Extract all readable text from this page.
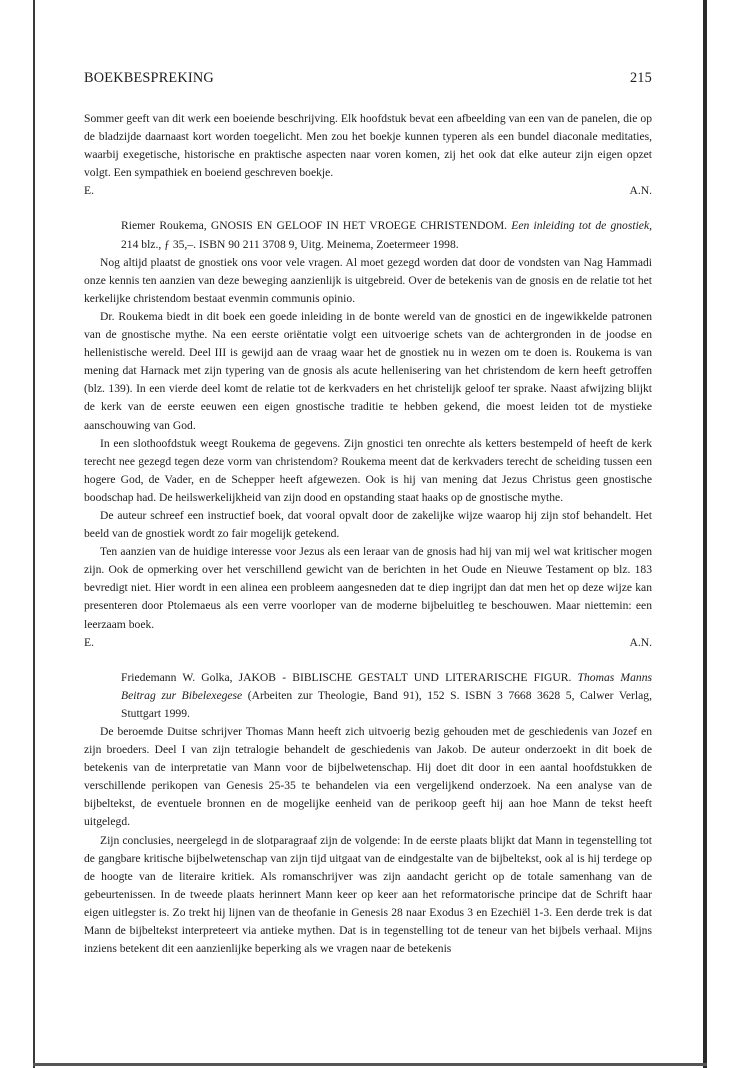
BOEKBESPREKING	215

Sommer geeft van dit werk een boeiende beschrijving. Elk hoofdstuk bevat een afbeelding van een van de panelen, die op de bladzijde daarnaast kort worden toegelicht. Men zou het boekje kunnen typeren als een bundel diaconale meditaties, waarbij exegetische, historische en praktische aspecten naar voren komen, zij het ook dat elke auteur zijn eigen opzet volgt. Een sympathiek en boeiend geschreven boekje.

E.	A.N.

Riemer Roukema, GNOSIS EN GELOOF IN HET VROEGE CHRISTENDOM. Een inleiding tot de gnostiek, 214 blz., ƒ 35,–. ISBN 90 211 3708 9, Uitg. Meinema, Zoetermeer 1998.

Nog altijd plaatst de gnostiek ons voor vele vragen. Al moet gezegd worden dat door de vondsten van Nag Hammadi onze kennis ten aanzien van deze beweging aanzienlijk is uitgebreid. Over de betekenis van de gnosis en de relatie tot het kerkelijke christendom bestaat evenmin communis opinio.

Dr. Roukema biedt in dit boek een goede inleiding in de bonte wereld van de gnostici en de ingewikkelde patronen van de gnostische mythe. Na een eerste oriëntatie volgt een uitvoerige schets van de achtergronden in de joodse en hellenistische wereld. Deel III is gewijd aan de vraag waar het de gnostiek nu in wezen om te doen is. Roukema is van mening dat Harnack met zijn typering van de gnosis als acute hellenisering van het christendom de kern heeft getroffen (blz. 139). In een vierde deel komt de relatie tot de kerkvaders en het christelijk geloof ter sprake. Naast afwijzing blijkt de kerk van de eerste eeuwen een eigen gnostische traditie te hebben gekend, die moest leiden tot de mystieke aanschouwing van God.

In een slothoofdstuk weegt Roukema de gegevens. Zijn gnostici ten onrechte als ketters bestempeld of heeft de kerk terecht nee gezegd tegen deze vorm van christendom? Roukema meent dat de kerkvaders terecht de scheiding tussen een hogere God, de Vader, en de Schepper heeft afgewezen. Ook is hij van mening dat Jezus Christus geen gnostische boodschap had. De heilswerkelijkheid van zijn dood en opstanding staat haaks op de gnostische mythe.

De auteur schreef een instructief boek, dat vooral opvalt door de zakelijke wijze waarop hij zijn stof behandelt. Het beeld van de gnostiek wordt zo fair mogelijk getekend.

Ten aanzien van de huidige interesse voor Jezus als een leraar van de gnosis had hij van mij wel wat kritischer mogen zijn. Ook de opmerking over het verschillend gewicht van de berichten in het Oude en Nieuwe Testament op blz. 183 bevredigt niet. Hier wordt in een alinea een probleem aangesneden dat te diep ingrijpt dan dat men het op deze wijze kan presenteren door Ptolemaeus als een verre voorloper van de moderne bijbeluitleg te beschouwen. Maar niettemin: een leerzaam boek.

E.	A.N.

Friedemann W. Golka, JAKOB - BIBLISCHE GESTALT UND LITERARISCHE FIGUR. Thomas Manns Beitrag zur Bibelexegese (Arbeiten zur Theologie, Band 91), 152 S. ISBN 3 7668 3628 5, Calwer Verlag, Stuttgart 1999.

De beroemde Duitse schrijver Thomas Mann heeft zich uitvoerig bezig gehouden met de geschiedenis van Jozef en zijn broeders. Deel I van zijn tetralogie behandelt de geschiedenis van Jakob. De auteur onderzoekt in dit boek de betekenis van de interpretatie van Mann voor de bijbelwetenschap. Hij doet dit door in een aantal hoofdstukken de verschillende perikopen van Genesis 25-35 te behandelen via een vergelijkend onderzoek. Na een analyse van de bijbeltekst, de eventuele bronnen en de mogelijke eenheid van de perikoop geeft hij aan hoe Mann de tekst heeft uitgelegd.

Zijn conclusies, neergelegd in de slotparagraaf zijn de volgende: In de eerste plaats blijkt dat Mann in tegenstelling tot de gangbare kritische bijbelwetenschap van zijn tijd uitgaat van de eindgestalte van de bijbeltekst, ook al is hij terdege op de hoogte van de literaire kritiek. Als romanschrijver was zijn aandacht gericht op de totale samenhang van de gebeurtenissen. In de tweede plaats herinnert Mann keer op keer aan het reformatorische principe dat de Schrift haar eigen uitlegster is. Zo trekt hij lijnen van de theofanie in Genesis 28 naar Exodus 3 en Ezechiël 1-3. Een derde trek is dat Mann de bijbeltekst interpreteert via antieke mythen. Dat is in tegenstelling tot de teneur van het bijbels verhaal. Mijns inziens betekent dit een aanzienlijke beperking als we vragen naar de betekenis
